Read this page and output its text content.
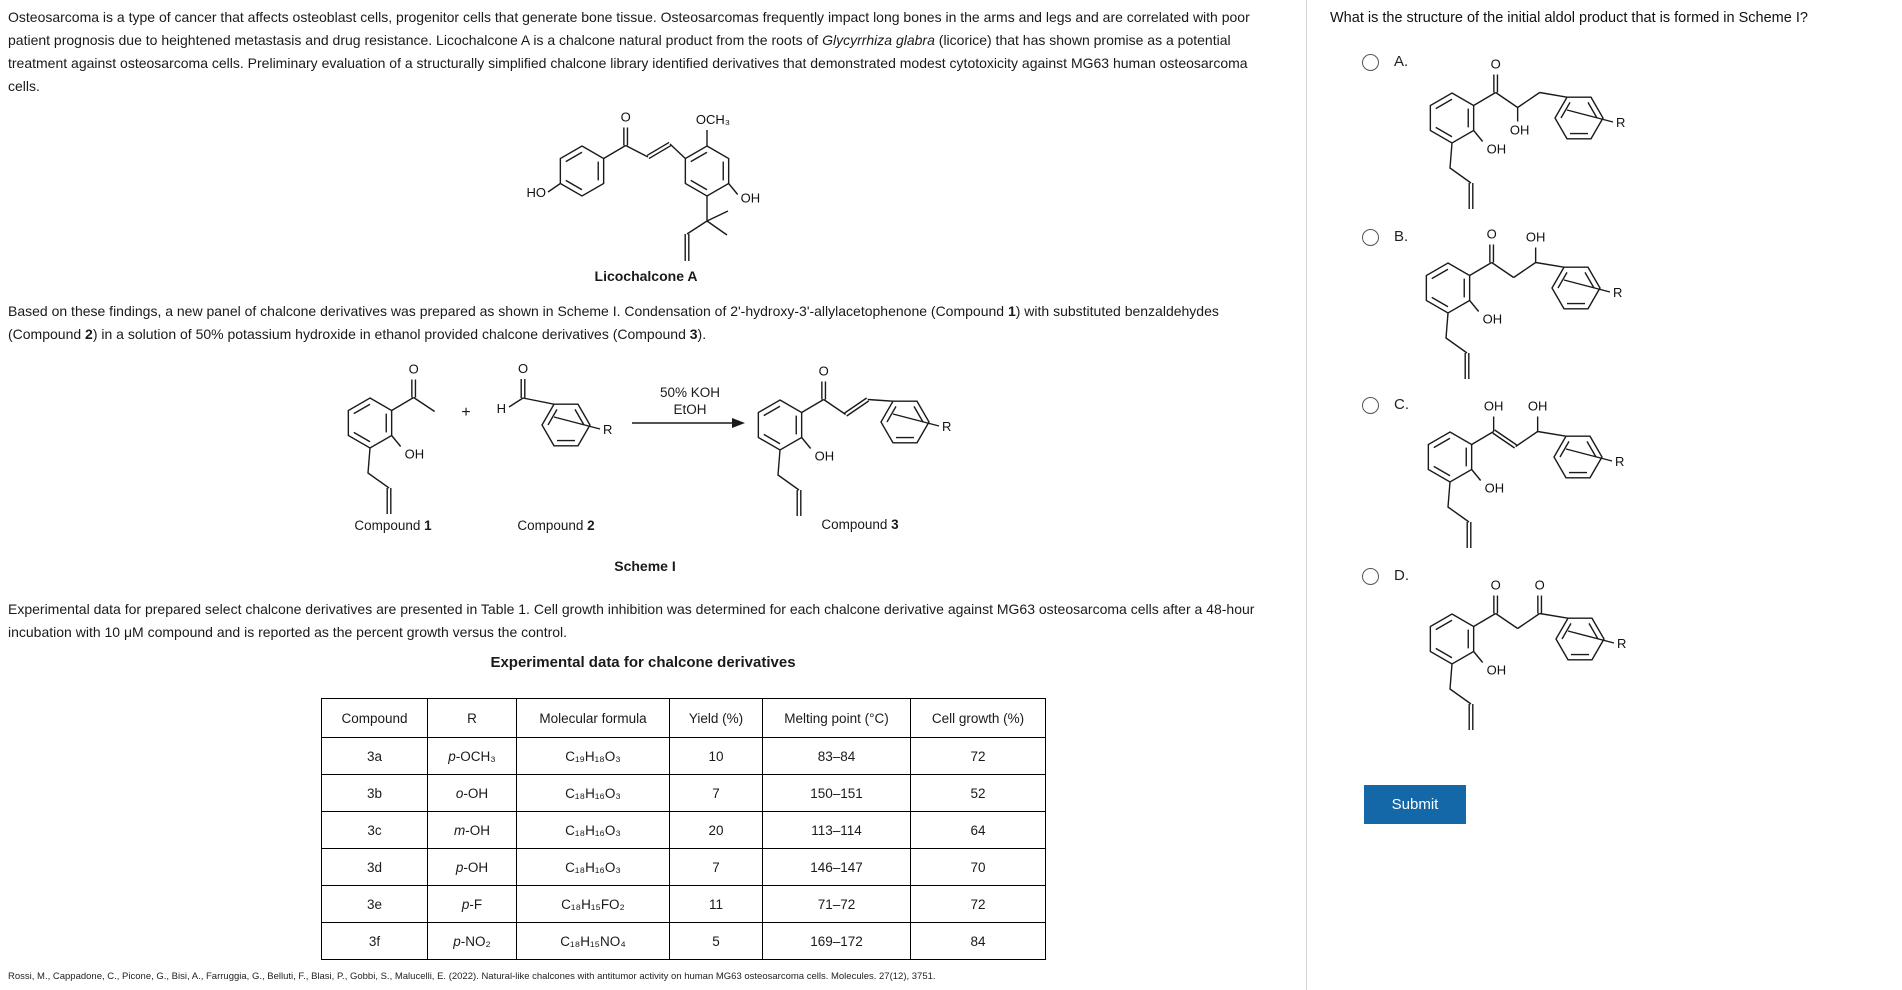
Osteosarcoma is a type of cancer that affects osteoblast cells, progenitor cells that generate bone tissue. Osteosarcomas frequently impact long bones in the arms and legs and are correlated with poor patient prognosis due to heightened metastasis and drug resistance. Licochalcone A is a chalcone natural product from the roots of Glycyrrhiza glabra (licorice) that has shown promise as a potential treatment against osteosarcoma cells. Preliminary evaluation of a structurally simplified chalcone library identified derivatives that demonstrated modest cytotoxicity against MG63 human osteosarcoma cells.
Licochalcone A
Based on these findings, a new panel of chalcone derivatives was prepared as shown in Scheme I. Condensation of 2'-hydroxy-3'-allylacetophenone (Compound 1) with substituted benzaldehydes (Compound 2) in a solution of 50% potassium hydroxide in ethanol provided chalcone derivatives (Compound 3).
+
50% KOH
EtOH
Compound 1	Compound 2	Compound 3
Scheme I
Experimental data for prepared select chalcone derivatives are presented in Table 1. Cell growth inhibition was determined for each chalcone derivative against MG63 osteosarcoma cells after a 48-hour incubation with 10 μM compound and is reported as the percent growth versus the control.
Experimental data for chalcone derivatives
Compound	R	Molecular formula	Yield (%)	Melting point (°C)	Cell growth (%)
3a	p-OCH₃	C₁₉H₁₈O₃	10	83–84	72
3b	o-OH	C₁₈H₁₆O₃	7	150–151	52
3c	m-OH	C₁₈H₁₆O₃	20	113–114	64
3d	p-OH	C₁₈H₁₆O₃	7	146–147	70
3e	p-F	C₁₈H₁₅FO₂	11	71–72	72
3f	p-NO₂	C₁₈H₁₅NO₄	5	169–172	84
Rossi, M., Cappadone, C., Picone, G., Bisi, A., Farruggia, G., Belluti, F., Blasi, P., Gobbi, S., Malucelli, E. (2022). Natural-like chalcones with antitumor activity on human MG63 osteosarcoma cells. Molecules. 27(12), 3751.
What is the structure of the initial aldol product that is formed in Scheme I?
A.
B.
C.
D.
Submit
HO
O	OCH₃
OH
OH
O
H
O
R
OH
O
R
OH
O
OH	R
OH
O OH
R
OH
OH OH
R
OH
O	O
R
